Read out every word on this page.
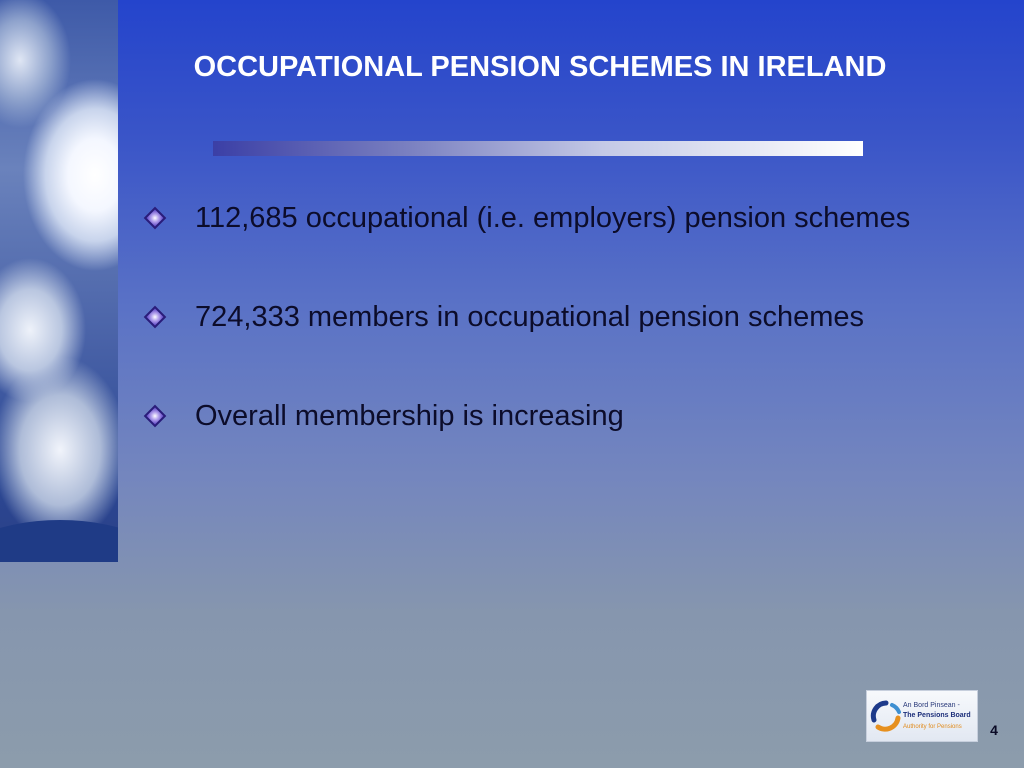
OCCUPATIONAL PENSION SCHEMES IN IRELAND
112,685 occupational (i.e. employers) pension schemes
724,333 members in occupational pension schemes
Overall membership is increasing
An Bord Pinsean -
The Pensions Board
Authority for Pensions	4
